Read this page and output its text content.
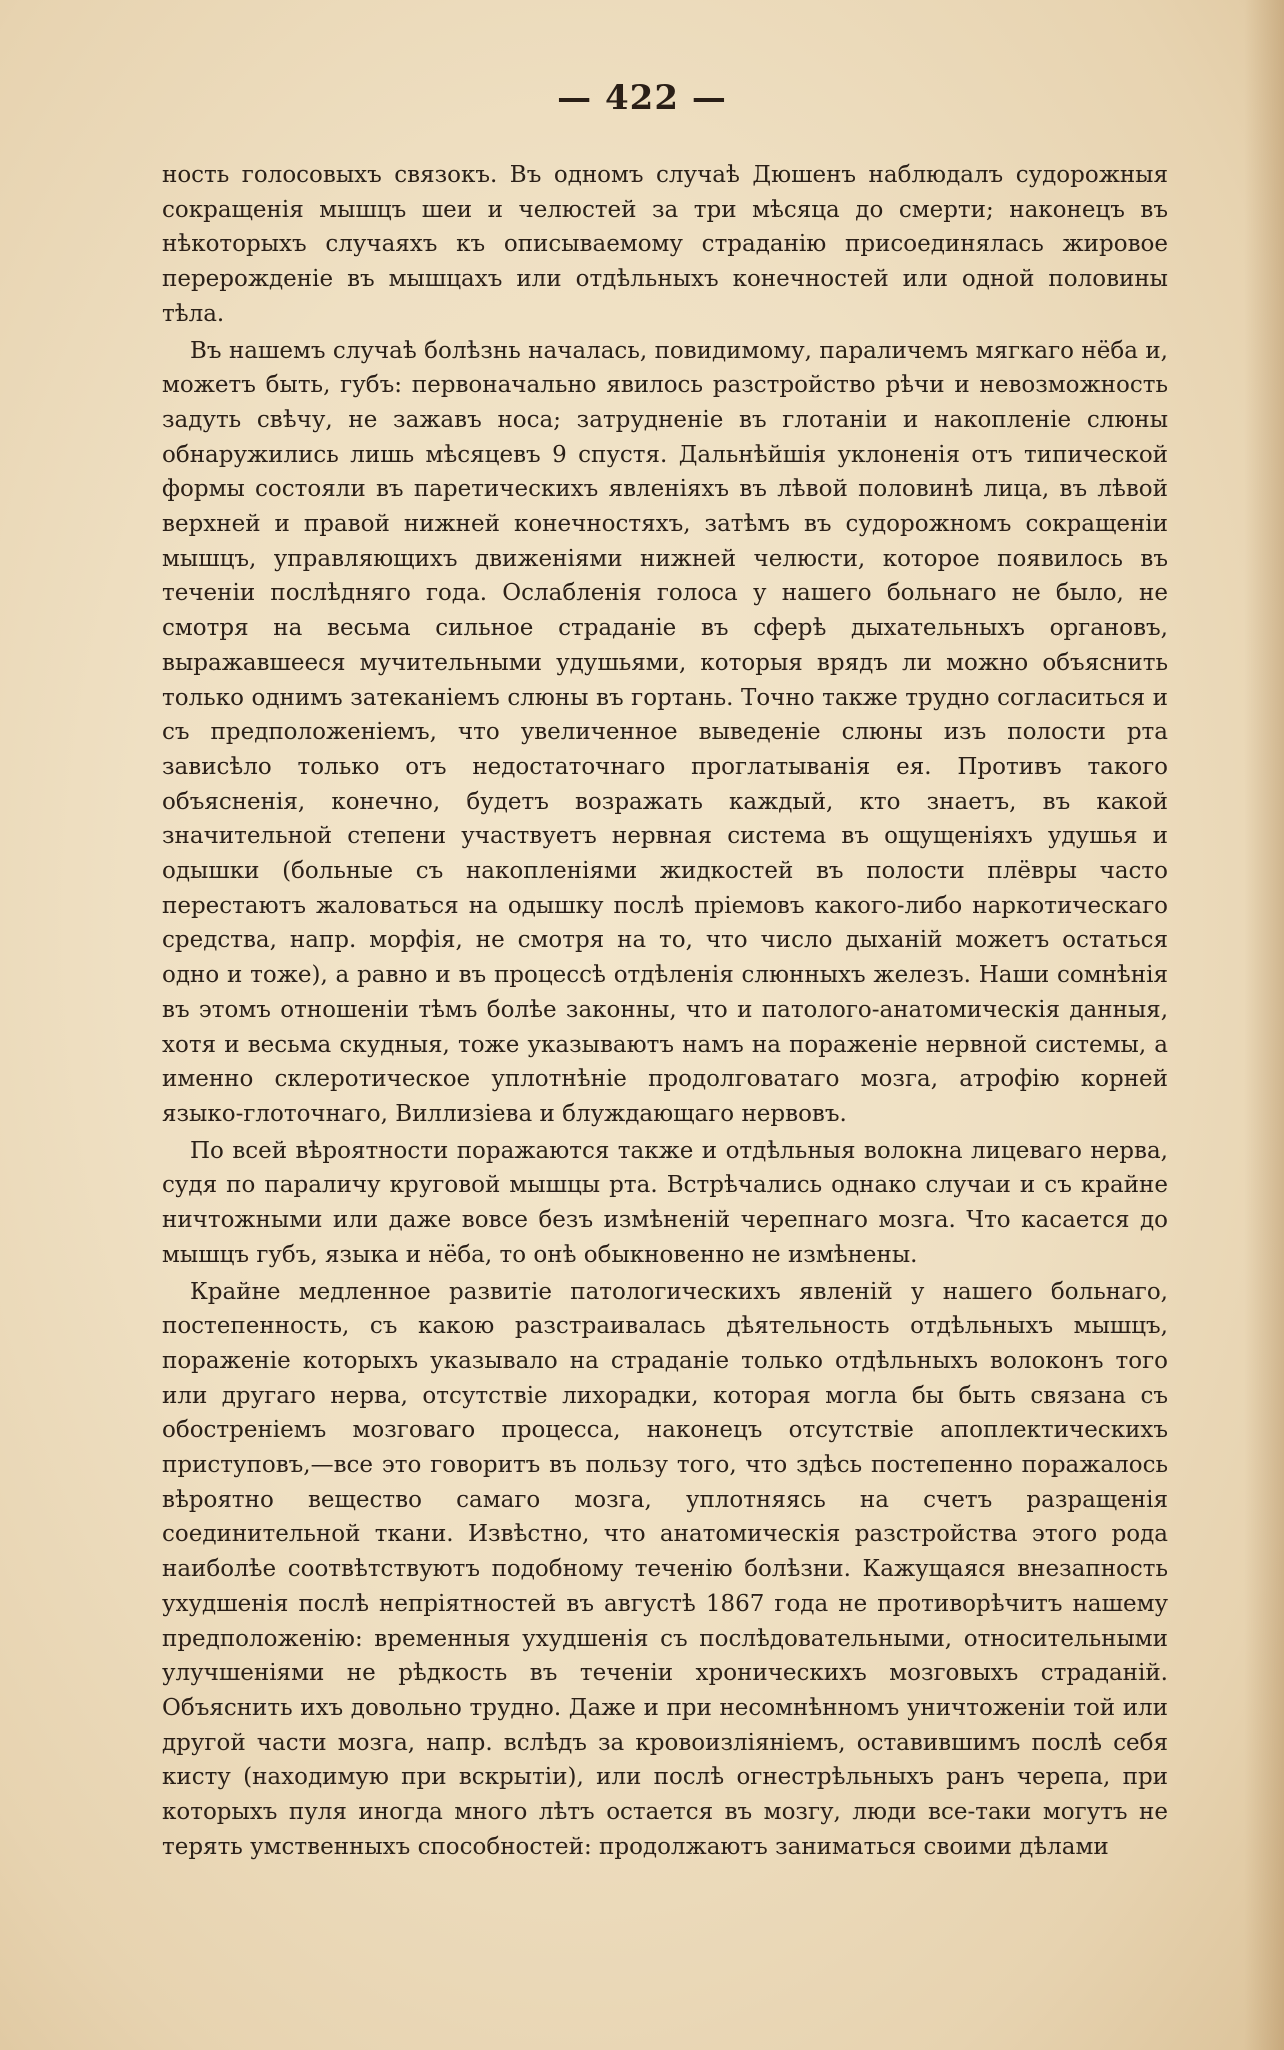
— 422 —

ность голосовыхъ связокъ. Въ одномъ случаѣ Дюшенъ наблюдалъ судорожныя сокращенія мышцъ шеи и челюстей за три мѣсяца до смерти; наконецъ въ нѣкоторыхъ случаяхъ къ описываемому страданію присоединялась жировое перерожденіе въ мышцахъ или отдѣльныхъ конечностей или одной половины тѣла.

Въ нашемъ случаѣ болѣзнь началась, повидимому, параличемъ мягкаго нёба и, можетъ быть, губъ: первоначально явилось разстройство рѣчи и невозможность задуть свѣчу, не зажавъ носа; затрудненіе въ глотаніи и накопленіе слюны обнаружились лишь мѣсяцевъ 9 спустя. Дальнѣйшія уклоненія отъ типической формы состояли въ паретическихъ явленіяхъ въ лѣвой половинѣ лица, въ лѣвой верхней и правой нижней конечностяхъ, затѣмъ въ судорожномъ сокращеніи мышцъ, управляющихъ движеніями нижней челюсти, которое появилось въ теченіи послѣдняго года. Ослабленія голоса у нашего больнаго не было, не смотря на весьма сильное страданіе въ сферѣ дыхательныхъ органовъ, выражавшееся мучительными удушьями, которыя врядъ ли можно объяснить только однимъ затеканіемъ слюны въ гортань. Точно также трудно согласиться и съ предположеніемъ, что увеличенное выведеніе слюны изъ полости рта зависѣло только отъ недостаточнаго проглатыванія ея. Противъ такого объясненія, конечно, будетъ возражать каждый, кто знаетъ, въ какой значительной степени участвуетъ нервная система въ ощущеніяхъ удушья и одышки (больные съ накопленіями жидкостей въ полости плёвры часто перестаютъ жаловаться на одышку послѣ пріемовъ какого-либо наркотическаго средства, напр. морфія, не смотря на то, что число дыханій можетъ остаться одно и тоже), а равно и въ процессѣ отдѣленія слюнныхъ железъ. Наши сомнѣнія въ этомъ отношеніи тѣмъ болѣе законны, что и патолого-анатомическія данныя, хотя и весьма скудныя, тоже указываютъ намъ на пораженіе нервной системы, а именно склеротическое уплотнѣніе продолговатаго мозга, атрофію корней языко-глоточнаго, Виллизіева и блуждающаго нервовъ.

По всей вѣроятности поражаются также и отдѣльныя волокна лицеваго нерва, судя по параличу круговой мышцы рта. Встрѣчались однако случаи и съ крайне ничтожными или даже вовсе безъ измѣненій черепнаго мозга. Что касается до мышцъ губъ, языка и нёба, то онѣ обыкновенно не измѣнены.

Крайне медленное развитіе патологическихъ явленій у нашего больнаго, постепенность, съ какою разстраивалась дѣятельность отдѣльныхъ мышцъ, пораженіе которыхъ указывало на страданіе только отдѣльныхъ волоконъ того или другаго нерва, отсутствіе лихорадки, которая могла бы быть связана съ обостреніемъ мозговаго процесса, наконецъ отсутствіе апоплектическихъ приступовъ,—все это говоритъ въ пользу того, что здѣсь постепенно поражалось вѣроятно вещество самаго мозга, уплотняясь на счетъ разращенія соединительной ткани. Извѣстно, что анатомическія разстройства этого рода наиболѣе соотвѣтствуютъ подобному теченію болѣзни. Кажущаяся внезапность ухудшенія послѣ непріятностей въ августѣ 1867 года не противорѣчитъ нашему предположенію: временныя ухудшенія съ послѣдовательными, относительными улучшеніями не рѣдкость въ теченіи хроническихъ мозговыхъ страданій. Объяснить ихъ довольно трудно. Даже и при несомнѣнномъ уничтоженіи той или другой части мозга, напр. вслѣдъ за кровоизліяніемъ, оставившимъ послѣ себя кисту (находимую при вскрытіи), или послѣ огнестрѣльныхъ ранъ черепа, при которыхъ пуля иногда много лѣтъ остается въ мозгу, люди все-таки могутъ не терять умственныхъ способностей: продолжаютъ заниматься своими дѣлами
